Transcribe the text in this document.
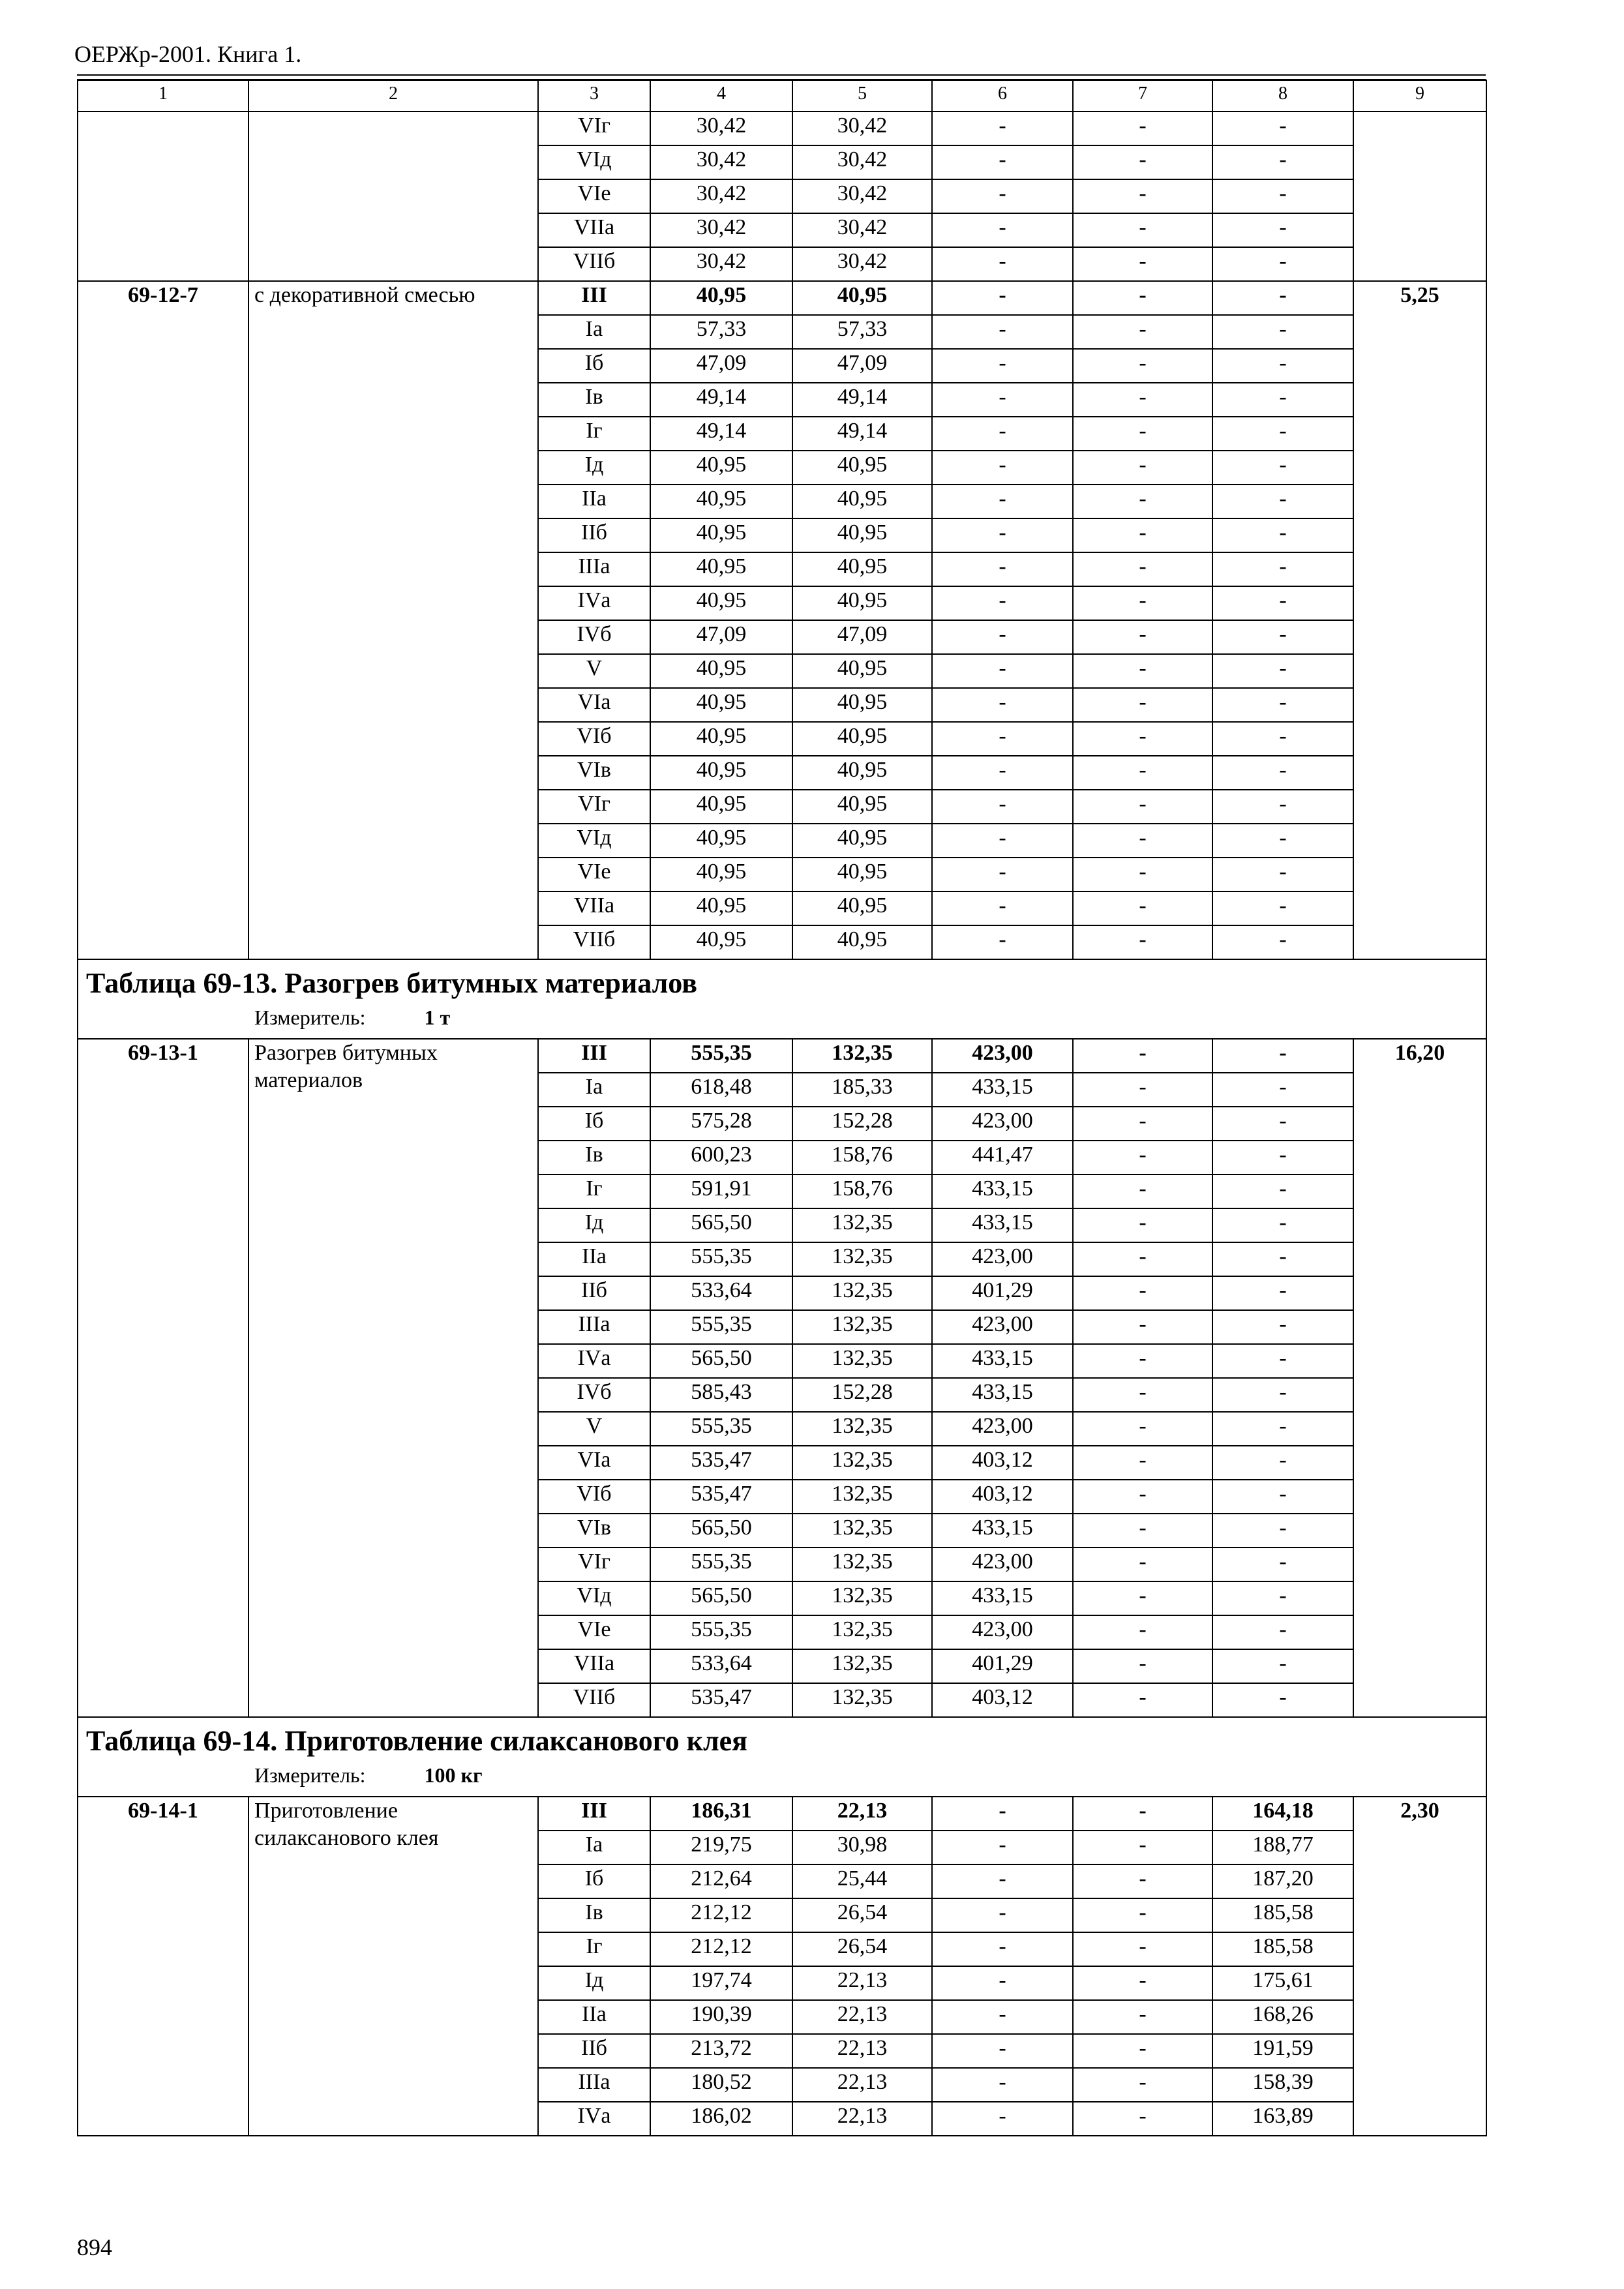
ОЕРЖр-2001. Книга 1.
1	2	3	4	5	6	7	8	9
		VIг	30,42	30,42	-	-	-	
		VIд	30,42	30,42	-	-	-	
		VIе	30,42	30,42	-	-	-	
		VIIа	30,42	30,42	-	-	-	
		VIIб	30,42	30,42	-	-	-	
69-12-7	с декоративной смесью	III	40,95	40,95	-	-	-	5,25
		Iа	57,33	57,33	-	-	-	
		Iб	47,09	47,09	-	-	-	
		Iв	49,14	49,14	-	-	-	
		Iг	49,14	49,14	-	-	-	
		Iд	40,95	40,95	-	-	-	
		IIа	40,95	40,95	-	-	-	
		IIб	40,95	40,95	-	-	-	
		IIIа	40,95	40,95	-	-	-	
		IVа	40,95	40,95	-	-	-	
		IVб	47,09	47,09	-	-	-	
		V	40,95	40,95	-	-	-	
		VIа	40,95	40,95	-	-	-	
		VIб	40,95	40,95	-	-	-	
		VIв	40,95	40,95	-	-	-	
		VIг	40,95	40,95	-	-	-	
		VIд	40,95	40,95	-	-	-	
		VIе	40,95	40,95	-	-	-	
		VIIа	40,95	40,95	-	-	-	
		VIIб	40,95	40,95	-	-	-	

Таблица 69-13. Разогрев битумных материалов
Измеритель: 1 т								

69-13-1	Разогрев битумных материалов	III	555,35	132,35	423,00	-	-	16,20
		Iа	618,48	185,33	433,15	-	-	
		Iб	575,28	152,28	423,00	-	-	
		Iв	600,23	158,76	441,47	-	-	
		Iг	591,91	158,76	433,15	-	-	
		Iд	565,50	132,35	433,15	-	-	
		IIа	555,35	132,35	423,00	-	-	
		IIб	533,64	132,35	401,29	-	-	
		IIIа	555,35	132,35	423,00	-	-	
		IVа	565,50	132,35	433,15	-	-	
		IVб	585,43	152,28	433,15	-	-	
		V	555,35	132,35	423,00	-	-	
		VIа	535,47	132,35	403,12	-	-	
		VIб	535,47	132,35	403,12	-	-	
		VIв	565,50	132,35	433,15	-	-	
		VIг	555,35	132,35	423,00	-	-	
		VIд	565,50	132,35	433,15	-	-	
		VIе	555,35	132,35	423,00	-	-	
		VIIа	533,64	132,35	401,29	-	-	
		VIIб	535,47	132,35	403,12	-	-	

Таблица 69-14. Приготовление силаксанового клея
Измеритель: 100 кг								

69-14-1	Приготовление силаксанового клея	III	186,31	22,13	-	-	164,18	2,30
		Iа	219,75	30,98	-	-	188,77	
		Iб	212,64	25,44	-	-	187,20	
		Iв	212,12	26,54	-	-	185,58	
		Iг	212,12	26,54	-	-	185,58	
		Iд	197,74	22,13	-	-	175,61	
		IIа	190,39	22,13	-	-	168,26	
		IIб	213,72	22,13	-	-	191,59	
		IIIа	180,52	22,13	-	-	158,39	
		IVа	186,02	22,13	-	-	163,89	
894
